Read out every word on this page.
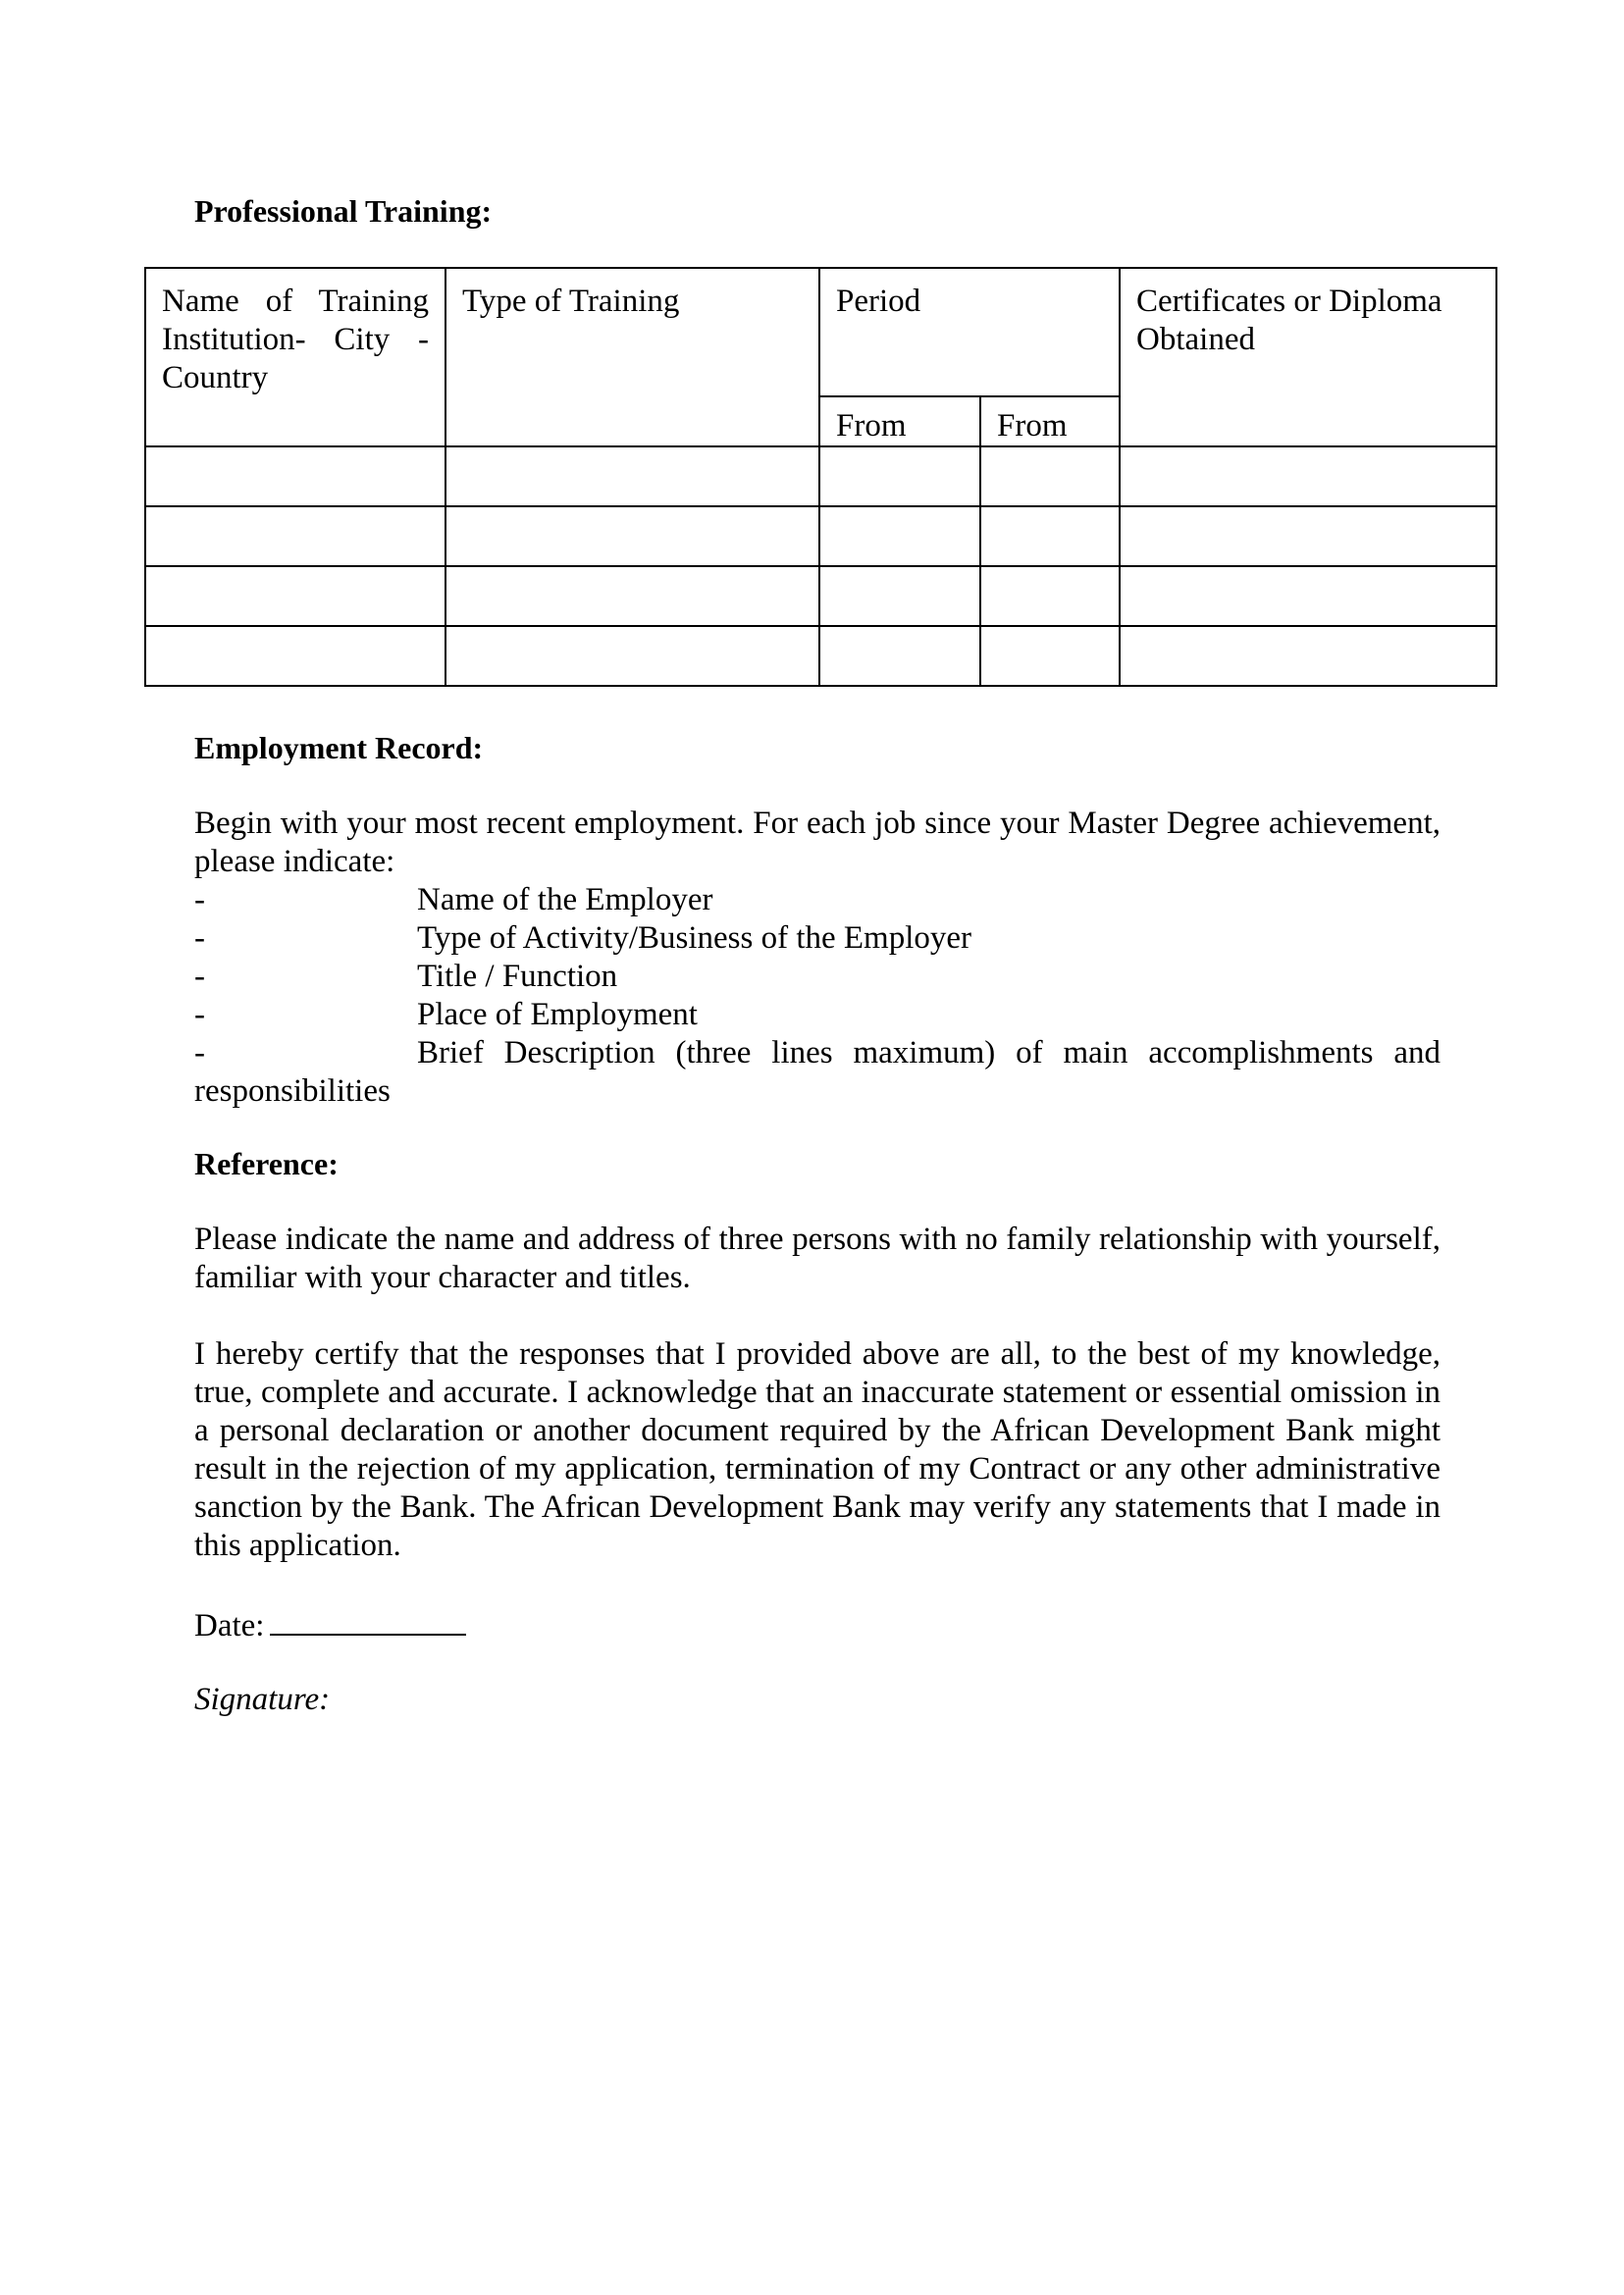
Professional Training:

Name of Training Institution- City - Country	Type of Training	Period		Certificates or Diploma Obtained
		From	From	

Employment Record:

Begin with your most recent employment. For each job since your Master Degree achievement, please indicate:

-	Name of the Employer
-	Type of Activity/Business of the Employer
-	Title / Function
-	Place of Employment
-	Brief Description (three lines maximum) of main accomplishments and
responsibilities

Reference:

Please indicate the name and address of three persons with no family relationship with yourself, familiar with your character and titles.

I hereby certify that the responses that I provided above are all, to the best of my knowledge, true, complete and accurate. I acknowledge that an inaccurate statement or essential omission in a personal declaration or another document required by the African Development Bank might result in the rejection of my application, termination of my Contract or any other administrative sanction by the Bank. The African Development Bank may verify any statements that I made in this application.

Date:

Signature:
